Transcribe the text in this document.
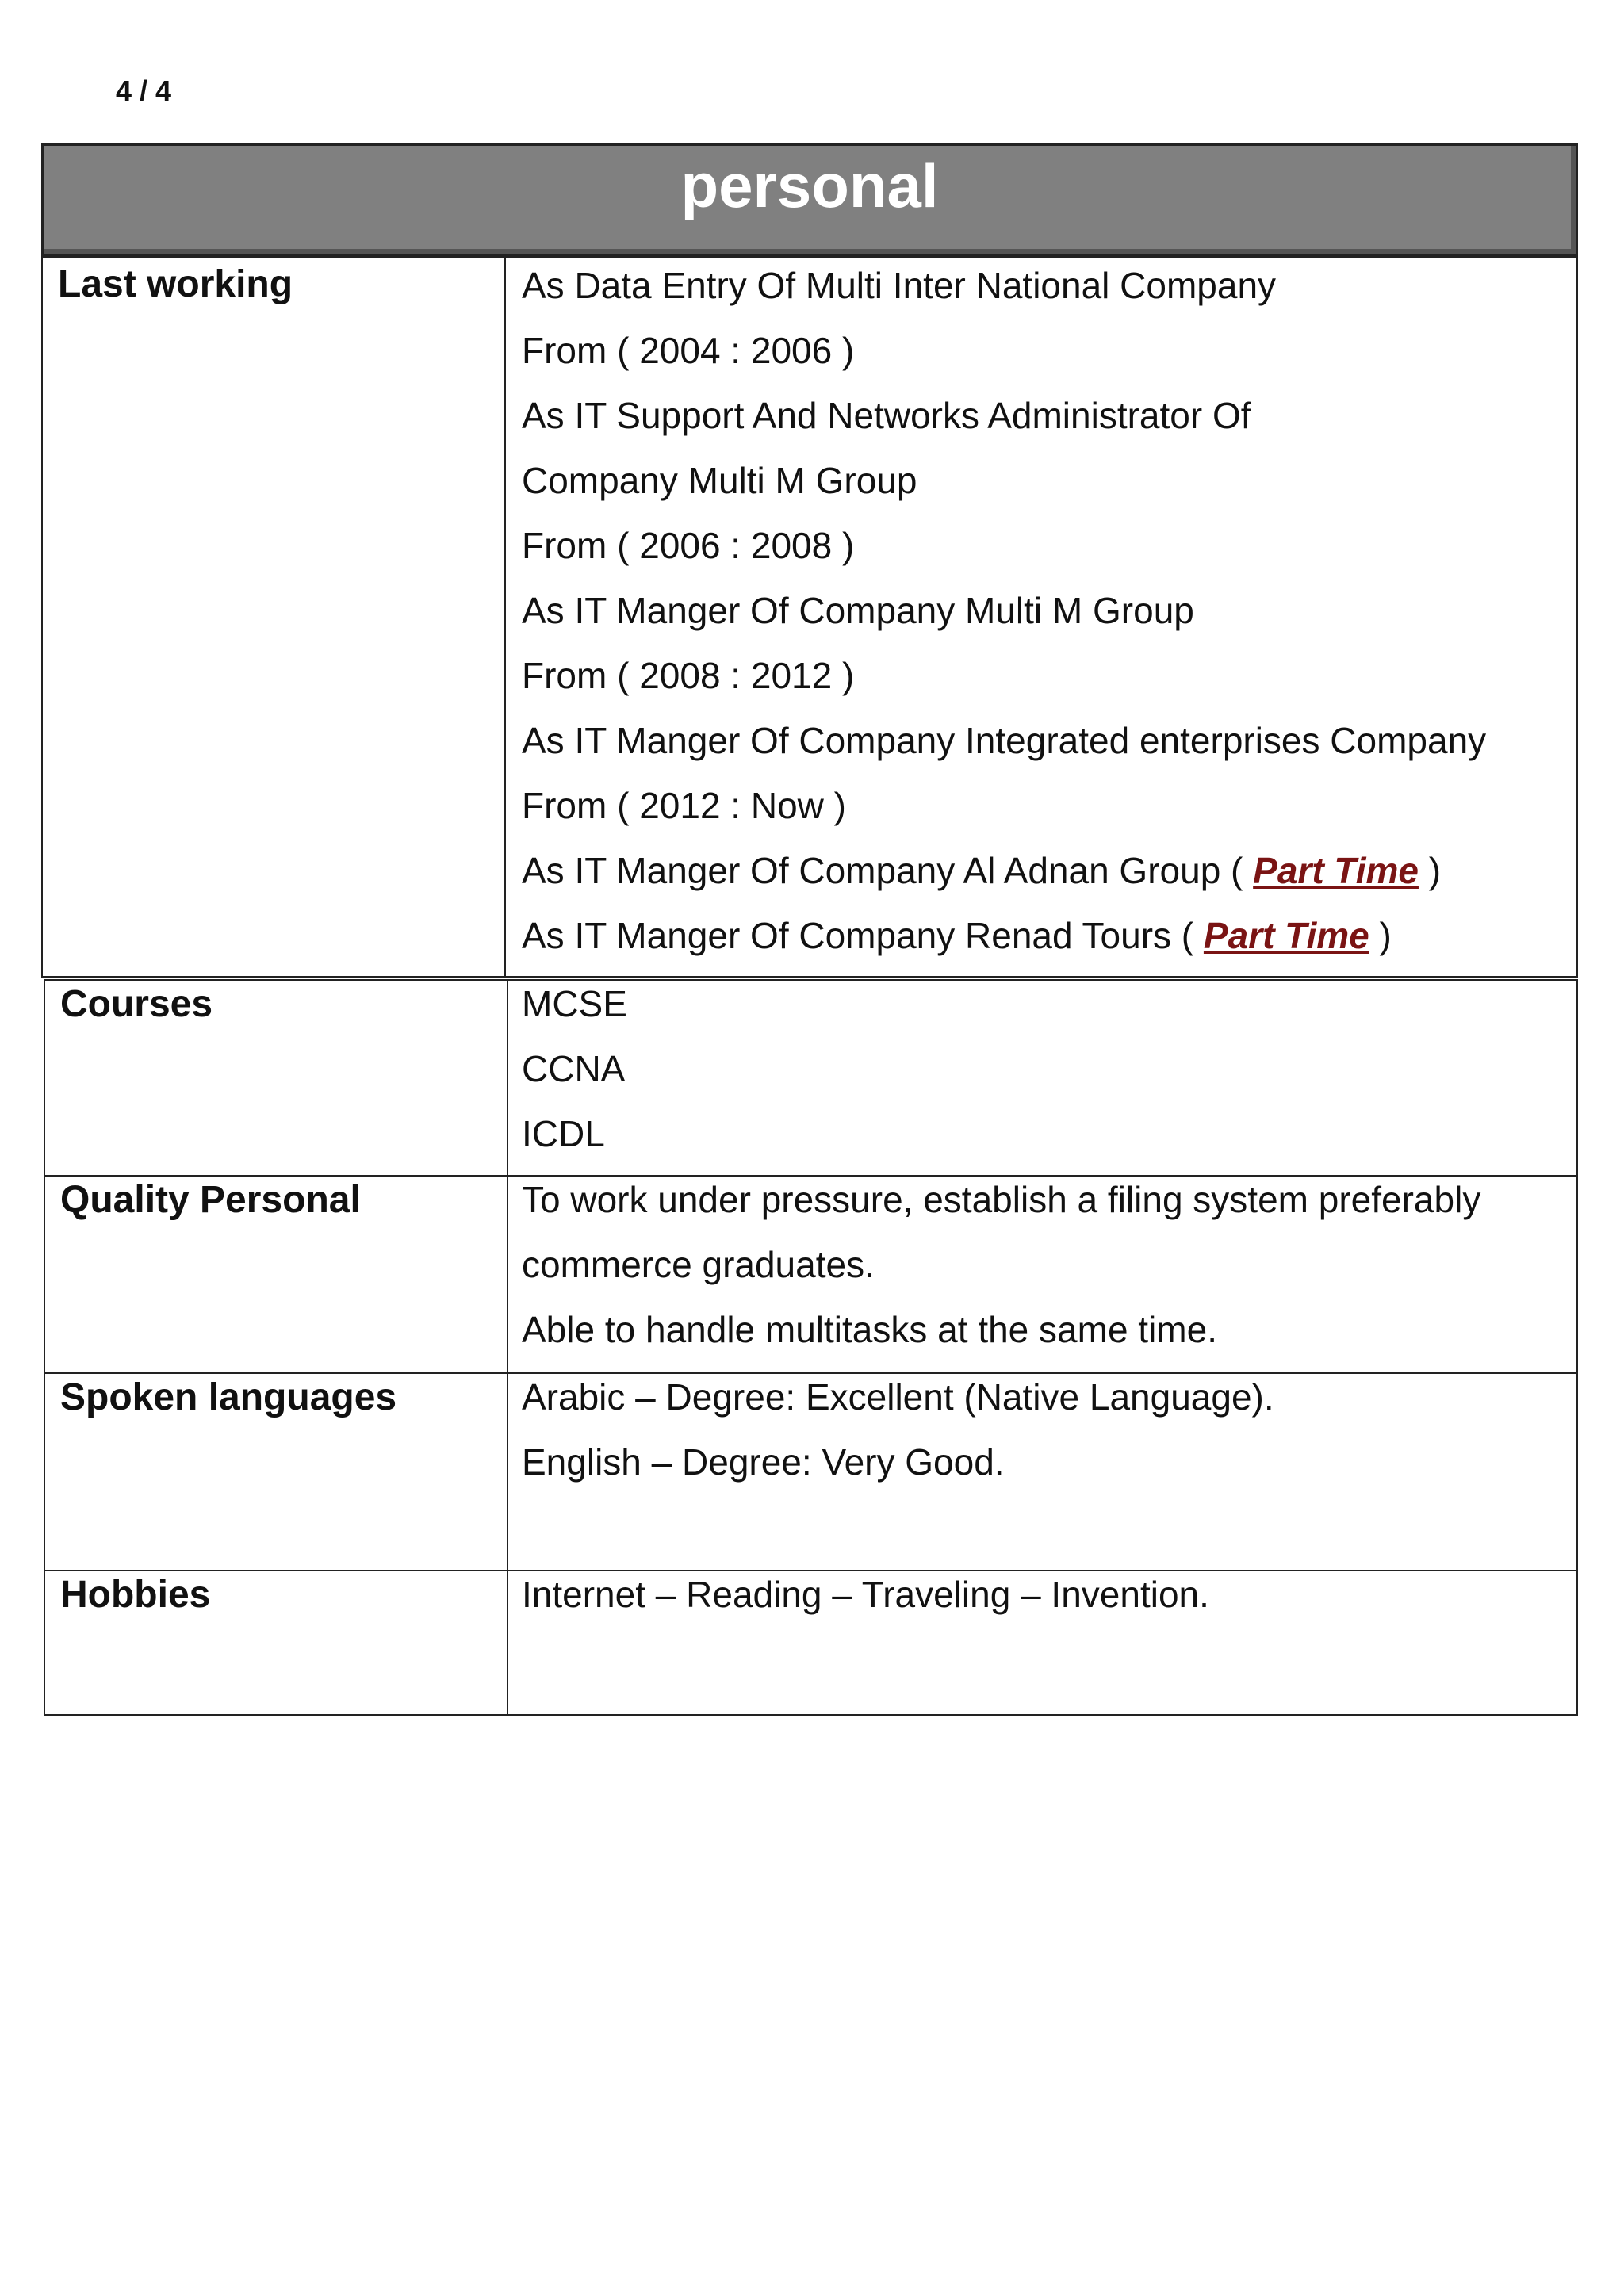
4 / 4
personal
Last working	As Data Entry Of Multi Inter National Company
From ( 2004 : 2006 )
As IT Support And Networks Administrator Of
Company Multi M Group
From ( 2006 : 2008 )
As IT Manger Of Company Multi M Group
From ( 2008 : 2012 )
As IT Manger Of Company Integrated enterprises Company
From ( 2012 : Now )
As IT Manger Of Company Al Adnan Group ( Part Time )
As IT Manger Of Company Renad Tours ( Part Time )
Courses	MCSE
CCNA
ICDL
Quality Personal	To work under pressure, establish a filing system preferably
commerce graduates.
Able to handle multitasks at the same time.
Spoken languages	Arabic – Degree: Excellent (Native Language).
English – Degree: Very Good.
Hobbies	Internet – Reading – Traveling – Invention.
